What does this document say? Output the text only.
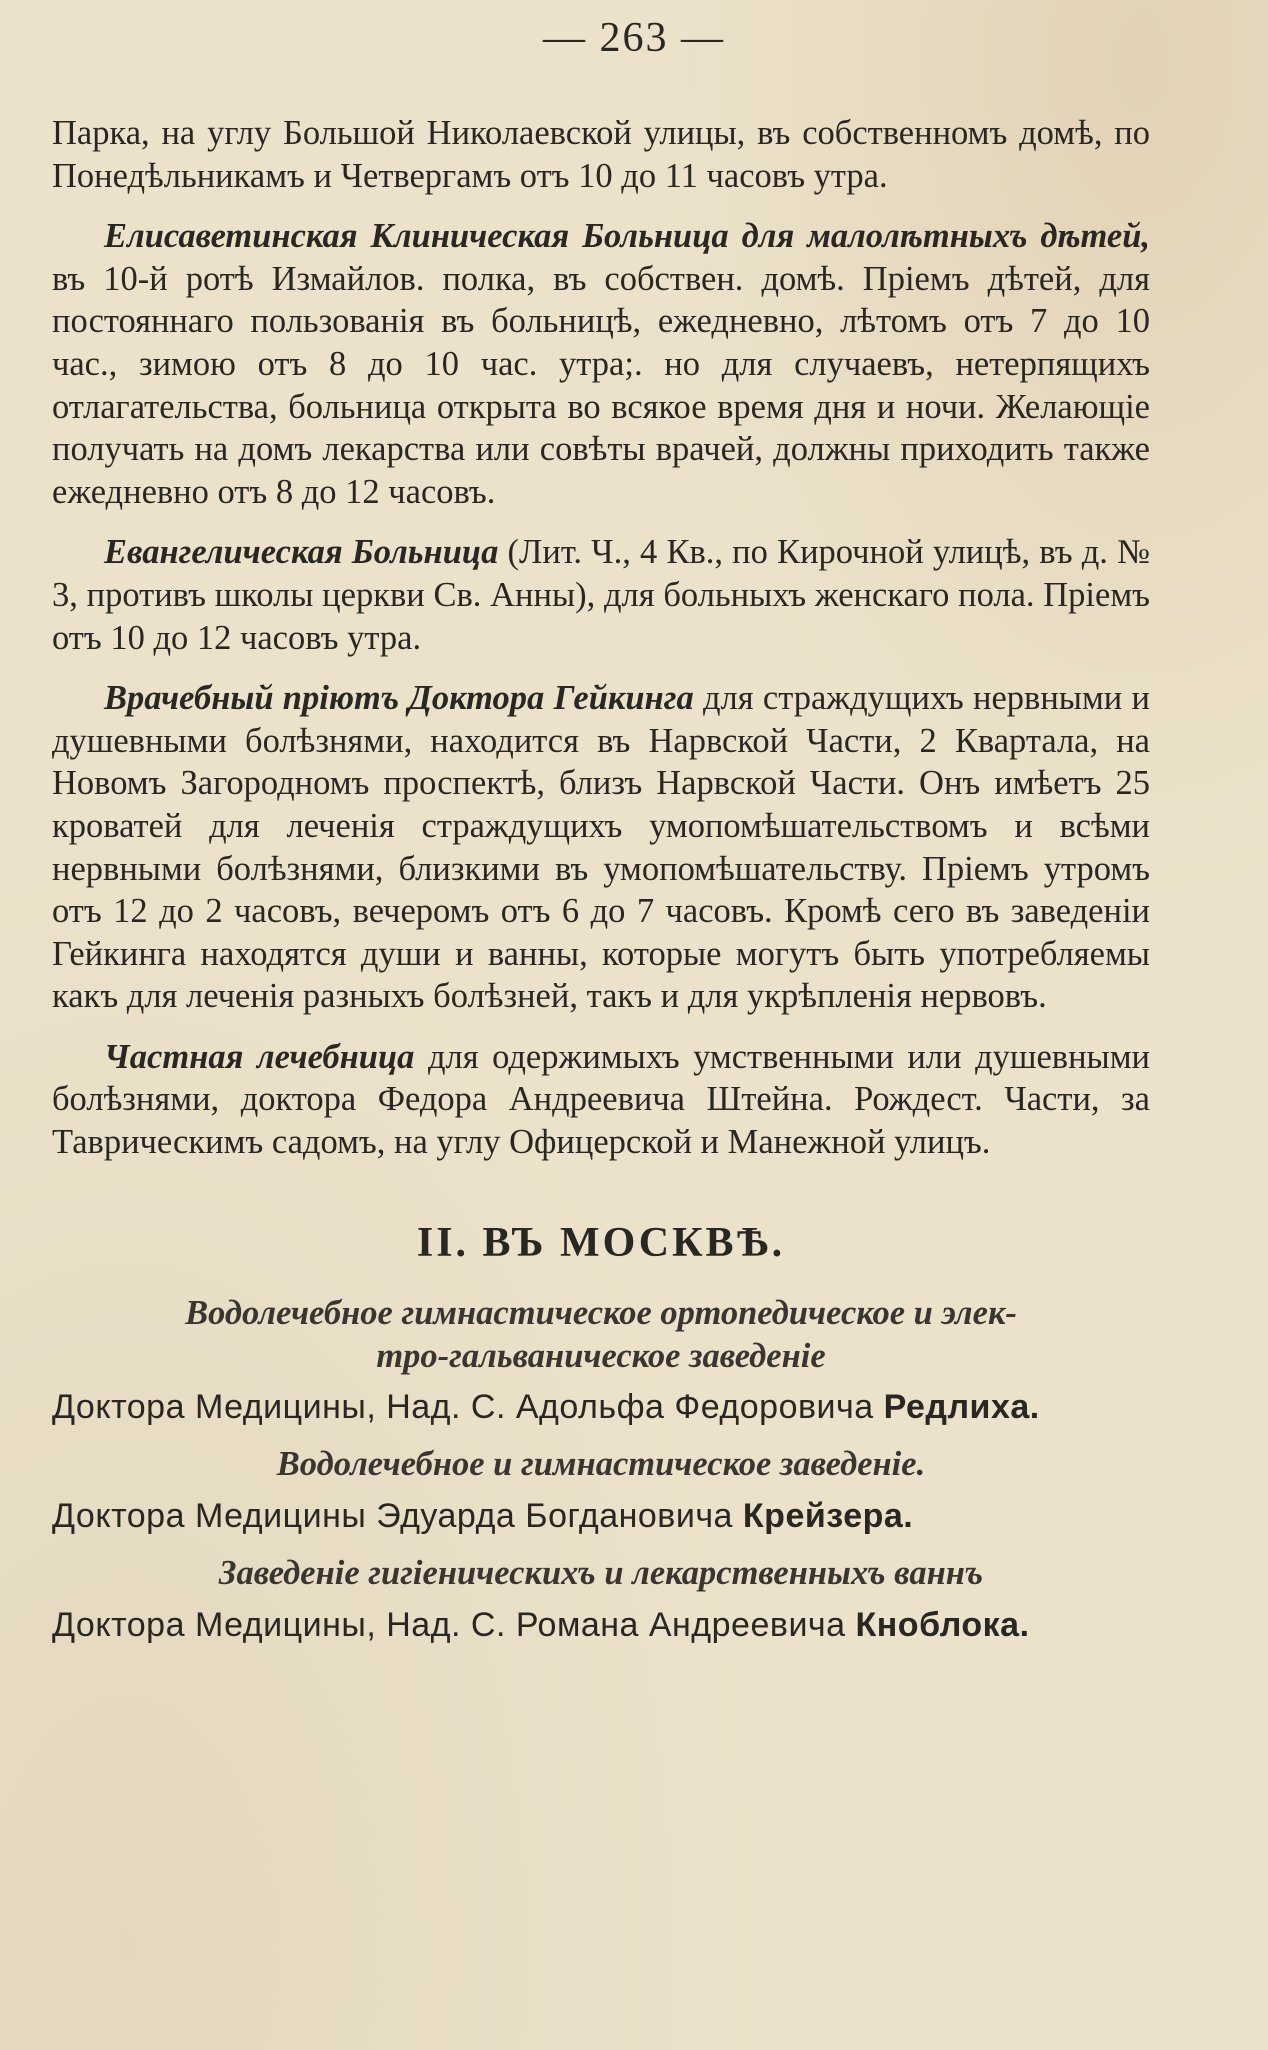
— 263 —

Парка, на углу Большой Николаевской улицы, въ собственномъ домѣ, по Понедѣльникамъ и Четвергамъ отъ 10 до 11 часовъ утра.

Елисаветинская Клиническая Больница для малолѣтныхъ дѣтей, въ 10-й ротѣ Измайлов. полка, въ собствен. домѣ. Пріемъ дѣтей, для постояннаго пользованія въ больницѣ, ежедневно, лѣтомъ отъ 7 до 10 час., зимою отъ 8 до 10 час. утра;. но для случаевъ, нетерпящихъ отлагательства, больница открыта во всякое время дня и ночи. Желающіе получать на домъ лекарства или совѣты врачей, должны приходить также ежедневно отъ 8 до 12 часовъ.

Евангелическая Больница (Лит. Ч., 4 Кв., по Кирочной улицѣ, въ д. № 3, противъ школы церкви Св. Анны), для больныхъ женскаго пола. Пріемъ отъ 10 до 12 часовъ утра.

Врачебный пріютъ Доктора Гейкинга для страждущихъ нервными и душевными болѣзнями, находится въ Нарвской Части, 2 Квартала, на Новомъ Загородномъ проспектѣ, близъ Нарвской Части. Онъ имѣетъ 25 кроватей для леченія страждущихъ умопомѣшательствомъ и всѣми нервными болѣзнями, близкими въ умопомѣшательству. Пріемъ утромъ отъ 12 до 2 часовъ, вечеромъ отъ 6 до 7 часовъ. Кромѣ сего въ заведеніи Гейкинга находятся души и ванны, которые могутъ быть употребляемы какъ для леченія разныхъ болѣзней, такъ и для укрѣпленія нервовъ.

Частная лечебница для одержимыхъ умственными или душевными болѣзнями, доктора Федора Андреевича Штейна. Рождест. Части, за Таврическимъ садомъ, на углу Офицерской и Манежной улицъ.

II. ВЪ МОСКВѢ.
Водолечебное гимнастическое ортопедическое и элек-
тро-гальваническое заведеніе
Доктора Медицины, Над. С. Адольфа Федоровича Редлиха.
Водолечебное и гимнастическое заведеніе.
Доктора Медицины Эдуарда Богдановича Крейзера.
Заведеніе гигіеническихъ и лекарственныхъ ваннъ
Доктора Медицины, Над. С. Романа Андреевича Кноблока.
